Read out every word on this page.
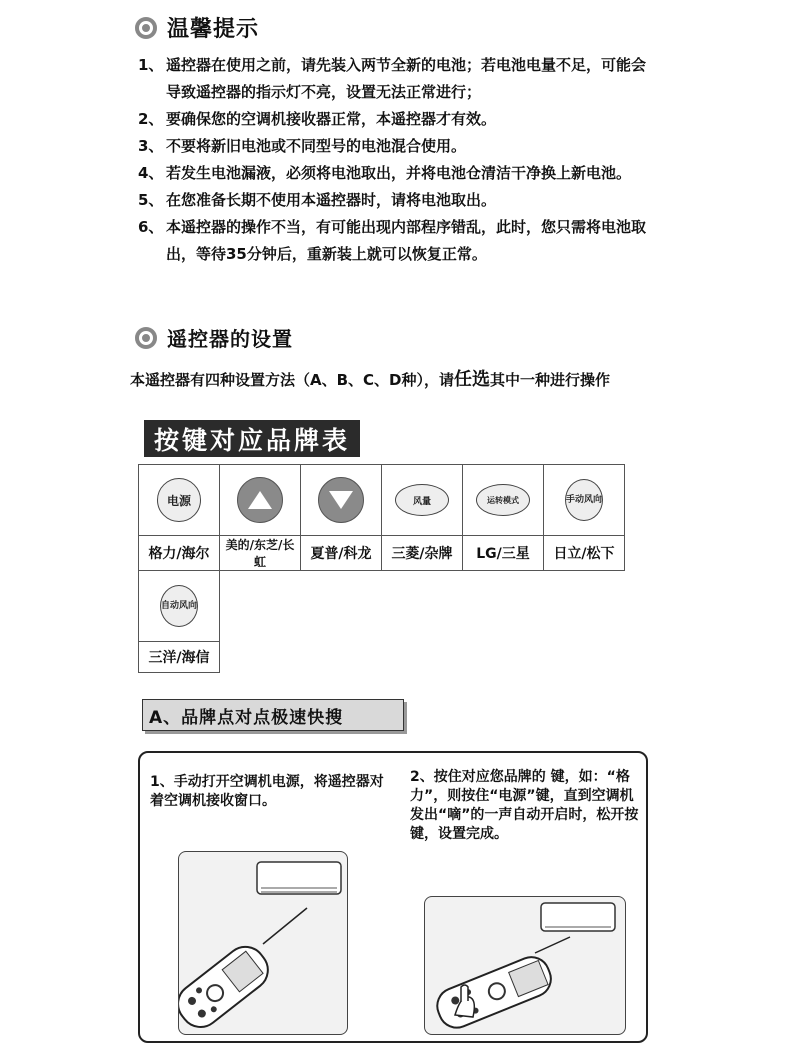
温馨提示
1、 遥控器在使用之前，请先装入两节全新的电池；若电池电量不足，可能会导致遥控器的指示灯不亮，设置无法正常进行；
2、 要确保您的空调机接收器正常，本遥控器才有效。
3、 不要将新旧电池或不同型号的电池混合使用。
4、 若发生电池漏液，必须将电池取出，并将电池仓清洁干净换上新电池。
5、 在您准备长期不使用本遥控器时，请将电池取出。
6、 本遥控器的操作不当，有可能出现内部程序错乱，此时，您只需将电池取出，等待35分钟后，重新装上就可以恢复正常。
遥控器的设置
本遥控器有四种设置方法（A、B、C、D种），请任选其中一种进行操作
按键对应品牌表
电源			风量	运转模式	手动风向
格力/海尔	美的/东芝/长虹	夏普/科龙	三菱/杂牌	LG/三星	日立/松下
自动风向					
三洋/海信					
A、品牌点对点极速快搜
1、手动打开空调机电源，将遥控器对着空调机接收窗口。
2、按住对应您品牌的 键，如：“格力”，则按住“电源”键，直到空调机发出“嘀”的一声自动开启时，松开按键，设置完成。
